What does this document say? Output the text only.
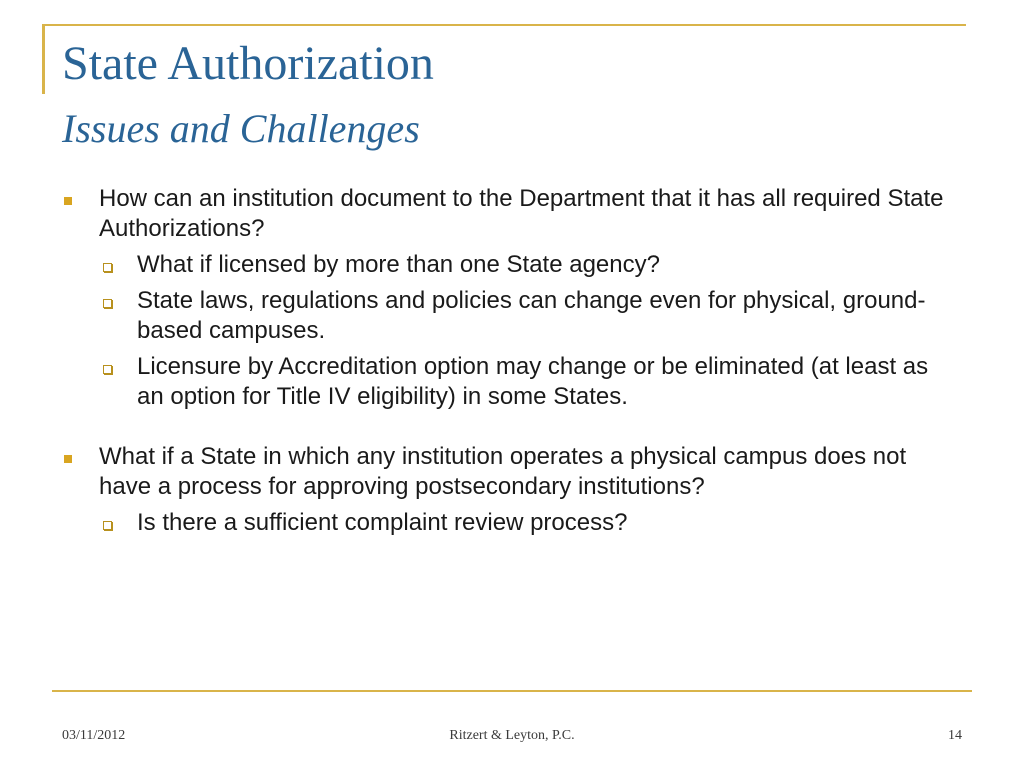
State Authorization
Issues and Challenges
How can an institution document to the Department that it has all required State Authorizations?
What if licensed by more than one State agency?
State laws, regulations and policies can change even for physical, ground-based campuses.
Licensure by Accreditation option may change or be eliminated (at least as an option for Title IV eligibility) in some States.
What if a State in which any institution operates a physical campus does not have a process for approving postsecondary institutions?
Is there a sufficient complaint review process?
03/11/2012	Ritzert & Leyton, P.C.	14
